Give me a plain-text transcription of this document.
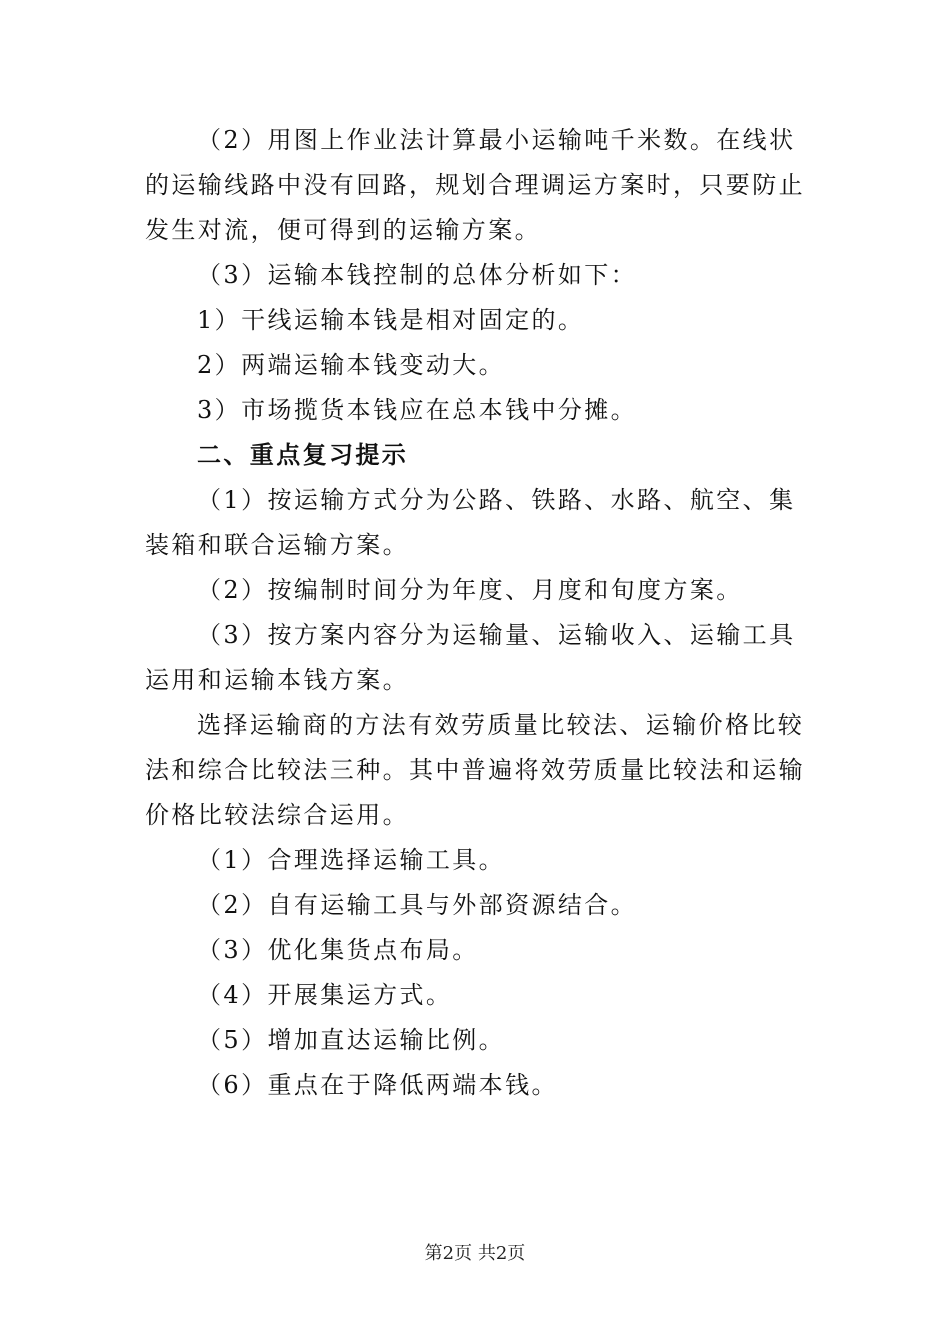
（2）用图上作业法计算最小运输吨千米数。在线状的运输线路中没有回路，规划合理调运方案时，只要防止发生对流，便可得到的运输方案。

（3）运输本钱控制的总体分析如下：

1）干线运输本钱是相对固定的。

2）两端运输本钱变动大。

3）市场揽货本钱应在总本钱中分摊。

二、重点复习提示

（1）按运输方式分为公路、铁路、水路、航空、集装箱和联合运输方案。

（2）按编制时间分为年度、月度和旬度方案。

（3）按方案内容分为运输量、运输收入、运输工具运用和运输本钱方案。

选择运输商的方法有效劳质量比较法、运输价格比较法和综合比较法三种。其中普遍将效劳质量比较法和运输价格比较法综合运用。

（1）合理选择运输工具。

（2）自有运输工具与外部资源结合。

（3）优化集货点布局。

（4）开展集运方式。

（5）增加直达运输比例。

（6）重点在于降低两端本钱。

第2页 共2页
